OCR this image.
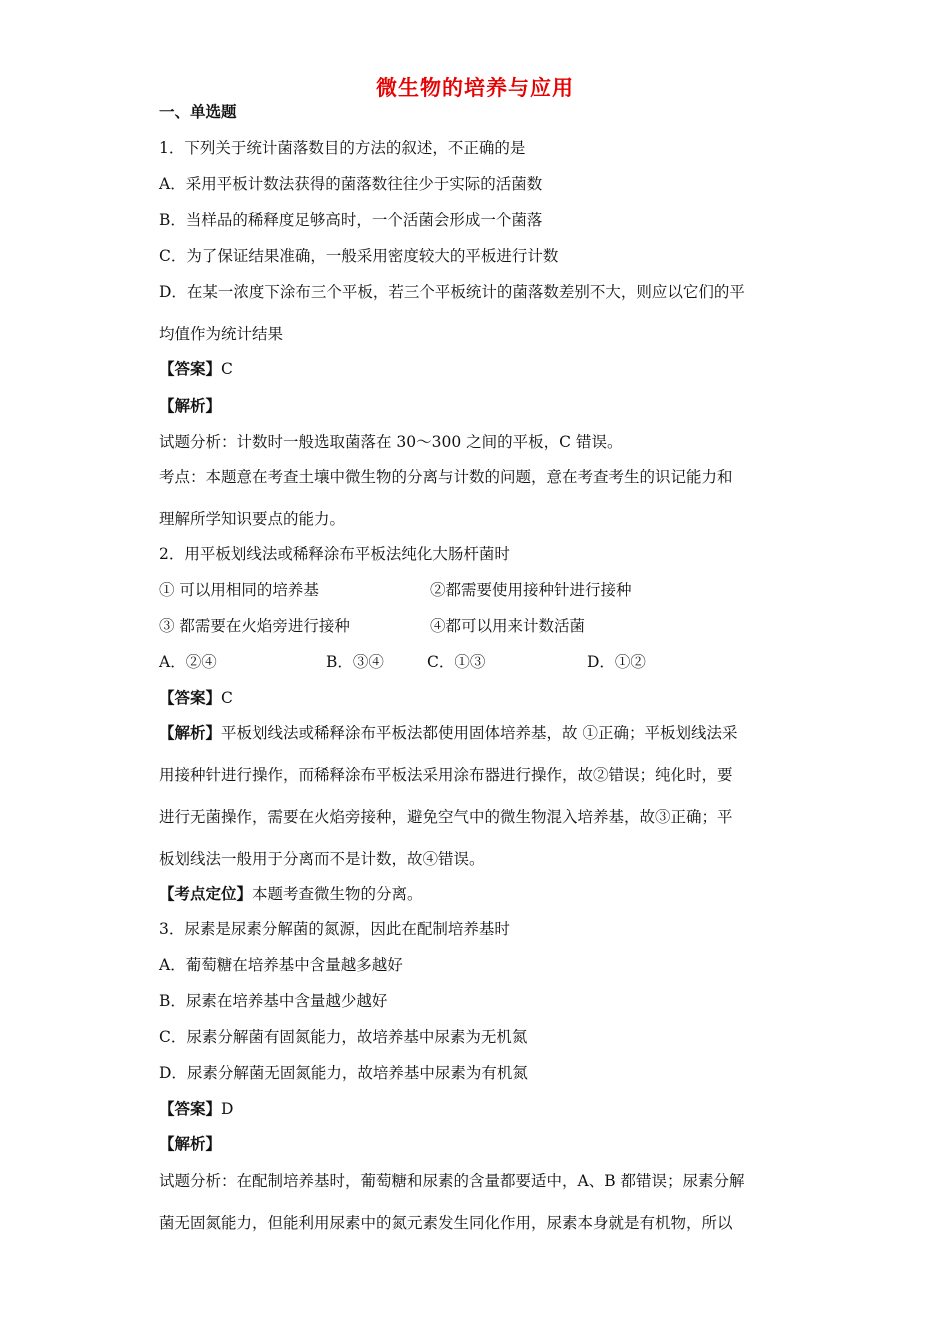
微生物的培养与应用
一、单选题
1．下列关于统计菌落数目的方法的叙述，不正确的是
A．采用平板计数法获得的菌落数往往少于实际的活菌数
B．当样品的稀释度足够高时，一个活菌会形成一个菌落
C．为了保证结果准确，一般采用密度较大的平板进行计数
D．在某一浓度下涂布三个平板，若三个平板统计的菌落数差别不大，则应以它们的平
均值作为统计结果
【答案】C
【解析】
试题分析：计数时一般选取菌落在 30～300 之间的平板，C 错误。
考点：本题意在考查土壤中微生物的分离与计数的问题，意在考查考生的识记能力和
理解所学知识要点的能力。
2．用平板划线法或稀释涂布平板法纯化大肠杆菌时
① 可以用相同的培养基	②都需要使用接种针进行接种
③ 都需要在火焰旁进行接种	④都可以用来计数活菌
A．②④	B．③④	C．①③	D．①②
【答案】C
【解析】平板划线法或稀释涂布平板法都使用固体培养基，故 ①正确；平板划线法采
用接种针进行操作，而稀释涂布平板法采用涂布器进行操作，故②错误；纯化时，要
进行无菌操作，需要在火焰旁接种，避免空气中的微生物混入培养基，故③正确；平
板划线法一般用于分离而不是计数，故④错误。
【考点定位】本题考查微生物的分离。
3．尿素是尿素分解菌的氮源，因此在配制培养基时
A．葡萄糖在培养基中含量越多越好
B．尿素在培养基中含量越少越好
C．尿素分解菌有固氮能力，故培养基中尿素为无机氮
D．尿素分解菌无固氮能力，故培养基中尿素为有机氮
【答案】D
【解析】
试题分析：在配制培养基时，葡萄糖和尿素的含量都要适中，A、B 都错误；尿素分解
菌无固氮能力，但能利用尿素中的氮元素发生同化作用，尿素本身就是有机物，所以
